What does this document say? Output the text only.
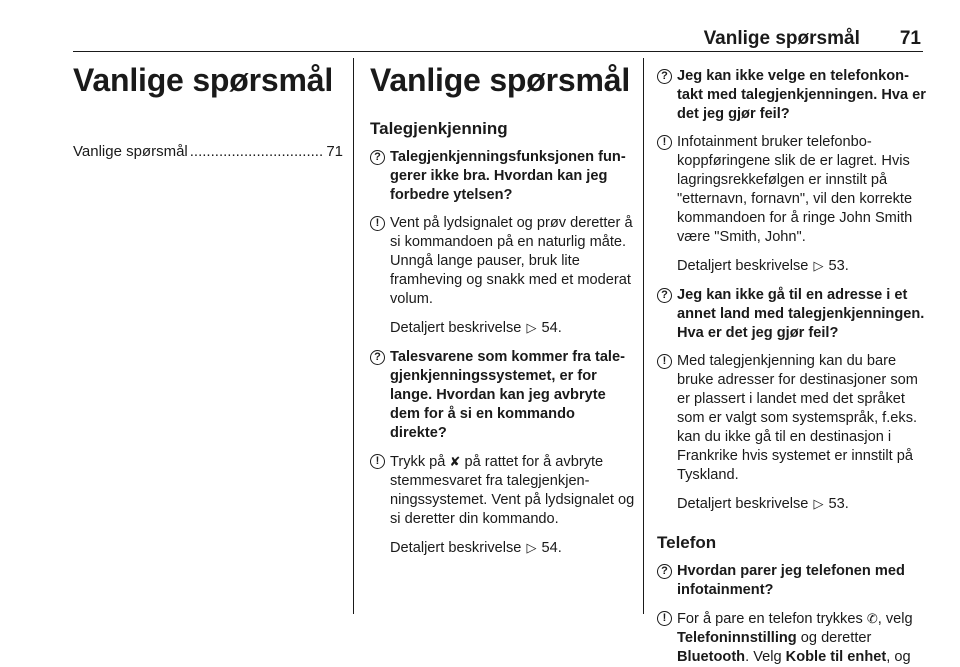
Vanlige spørsmål 71
Vanlige spørsmål
Vanlige spørsmål
.....	71
Vanlige spørsmål
Talegjenkjenning
? Talegjenkjenningsfunksjonen fungerer ikke bra. Hvordan kan jeg forbedre ytelsen?

! Vent på lydsignalet og prøv deretter å si kommandoen på en naturlig måte. Unngå lange pauser, bruk lite framheving og snakk med et moderat volum.

Detaljert beskrivelse ▷ 54.

? Talesvarene som kommer fra talegjenkjenningssystemet, er for lange. Hvordan kan jeg avbryte dem for å si en kommando direkte?

! Trykk på ✘ på rattet for å avbryte stemmesvaret fra talegjenkjenningssystemet. Vent på lydsignalet og si deretter din kommando.

Detaljert beskrivelse ▷ 54.

? Jeg kan ikke velge en telefonkontakt med talegjenkjenningen. Hva er det jeg gjør feil?

! Infotainment bruker telefonbokoppføringene slik de er lagret. Hvis lagringsrekkefølgen er innstilt på "etternavn, fornavn", vil den korrekte kommandoen for å ringe John Smith være "Smith, John".

Detaljert beskrivelse ▷ 53.

? Jeg kan ikke gå til en adresse i et annet land med talegjenkjenningen. Hva er det jeg gjør feil?

! Med talegjenkjenning kan du bare bruke adresser for destinasjoner som er plassert i landet med det språket som er valgt som systemspråk, f.eks. kan du ikke gå til en destinasjon i Frankrike hvis systemet er innstilt på Tyskland.

Detaljert beskrivelse ▷ 53.

Telefon
? Hvordan parer jeg telefonen med infotainment?

! For å pare en telefon trykkes ✆, velg Telefoninnstilling og deretter Bluetooth. Velg Koble til enhet, og
